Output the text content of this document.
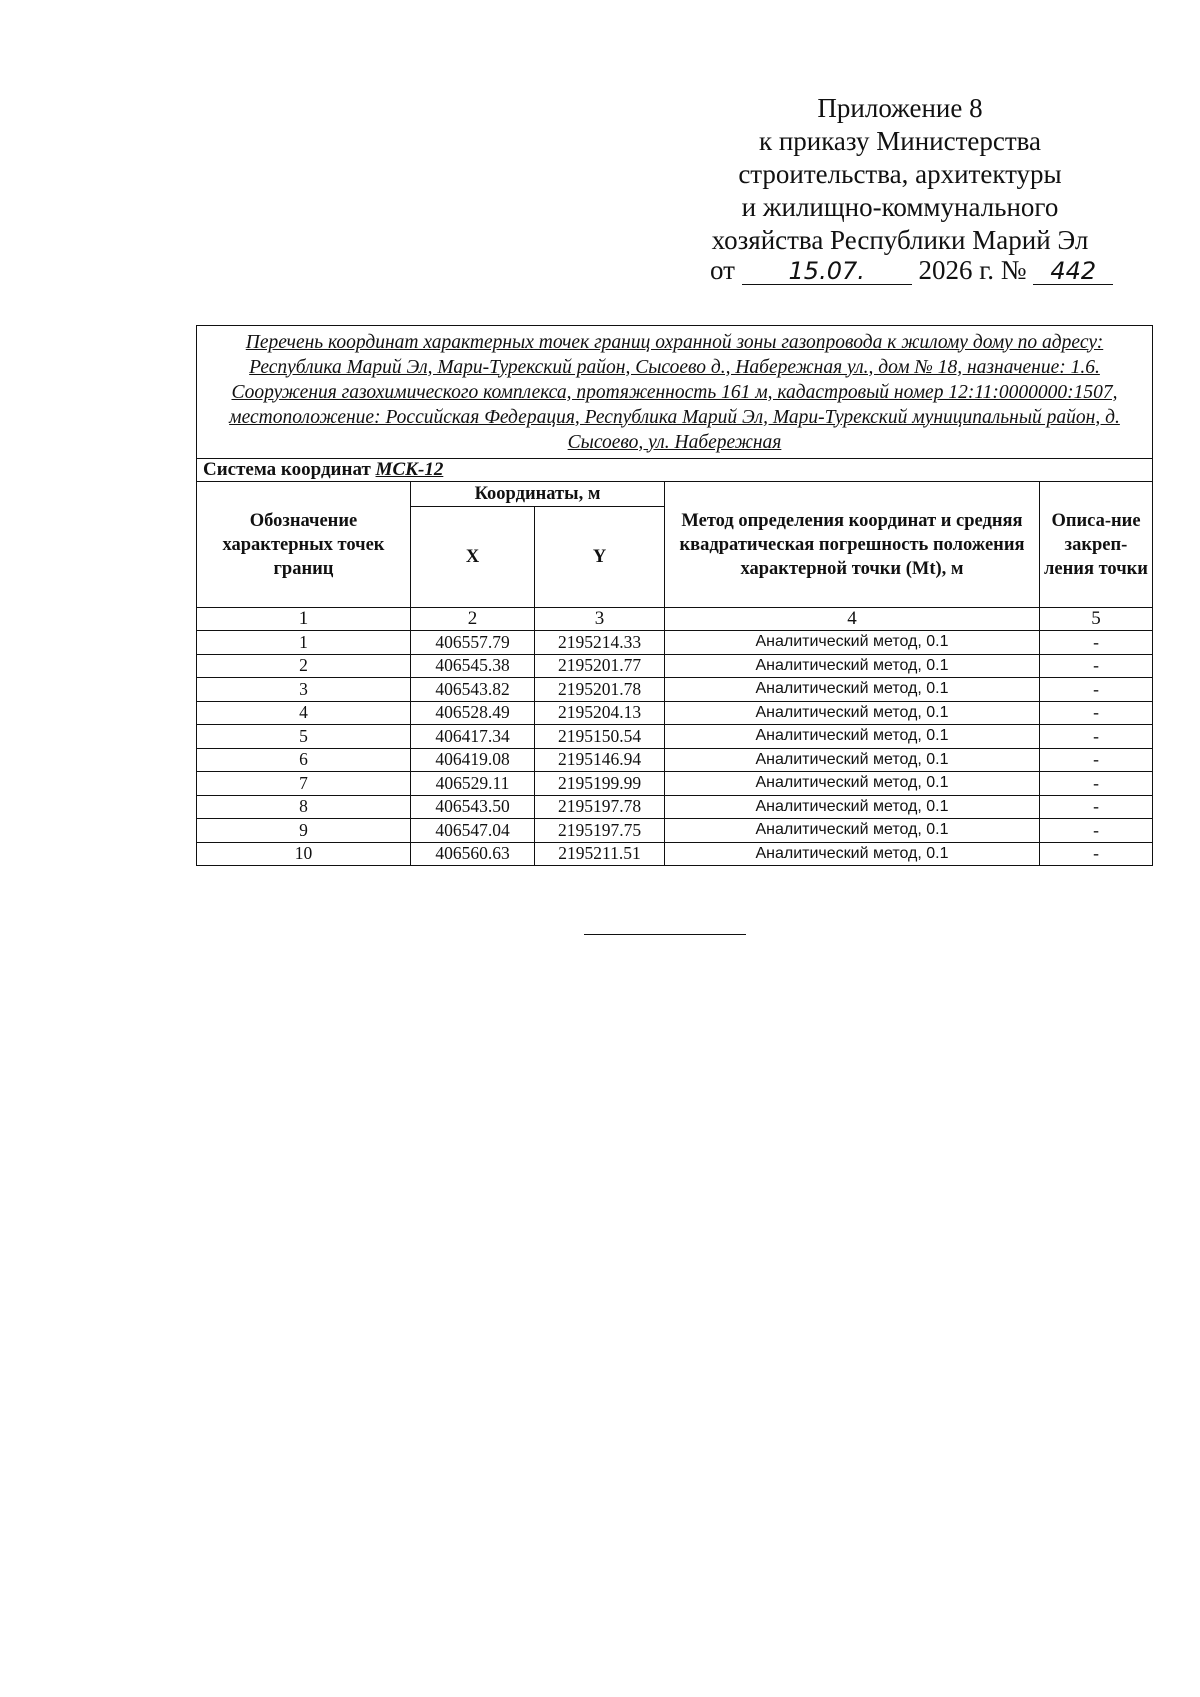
Приложение 8
к приказу Министерства
строительства, архитектуры
и жилищно-коммунального
хозяйства Республики Марий Эл
от 15.07. 2026 г. № 442
Перечень координат характерных точек границ охранной зоны газопровода к жилому дому по адресу: Республика Марий Эл, Мари-Турекский район, Сысоево д., Набережная ул., дом № 18, назначение: 1.6. Сооружения газохимического комплекса, протяженность 161 м, кадастровый номер 12:11:0000000:1507, местоположение: Российская Федерация, Республика Марий Эл, Мари-Турекский муниципальный район, д. Сысоево, ул. Набережная				
Система координат МСК-12				
Обозначение характерных точек границ	Координаты, м		Метод определения координат и средняя квадратическая погрешность положения характерной точки (Mt), м	Описа-ние закреп-ления точки
	X	Y		
1	2	3	4	5
1	406557.79	2195214.33	Аналитический метод, 0.1	-
2	406545.38	2195201.77	Аналитический метод, 0.1	-
3	406543.82	2195201.78	Аналитический метод, 0.1	-
4	406528.49	2195204.13	Аналитический метод, 0.1	-
5	406417.34	2195150.54	Аналитический метод, 0.1	-
6	406419.08	2195146.94	Аналитический метод, 0.1	-
7	406529.11	2195199.99	Аналитический метод, 0.1	-
8	406543.50	2195197.78	Аналитический метод, 0.1	-
9	406547.04	2195197.75	Аналитический метод, 0.1	-
10	406560.63	2195211.51	Аналитический метод, 0.1	-
